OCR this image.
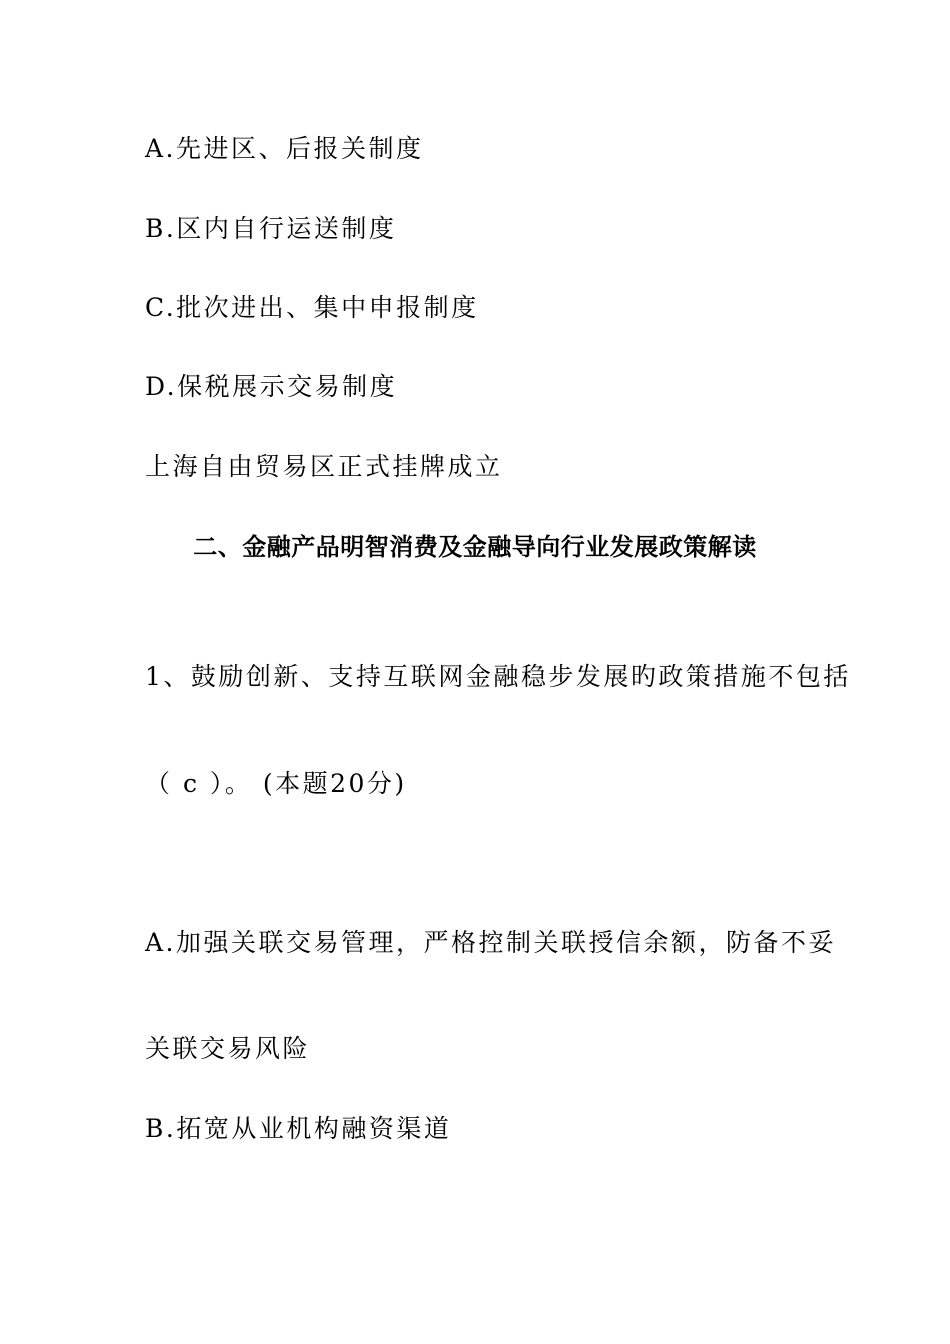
A.先进区、后报关制度
B.区内自行运送制度
C.批次进出、集中申报制度
D.保税展示交易制度
上海自由贸易区正式挂牌成立
二、金融产品明智消费及金融导向行业发展政策解读
1、鼓励创新、支持互联网金融稳步发展旳政策措施不包括
（ c ）。 (本题20分)
A.加强关联交易管理，严格控制关联授信余额，防备不妥
关联交易风险
B.拓宽从业机构融资渠道
